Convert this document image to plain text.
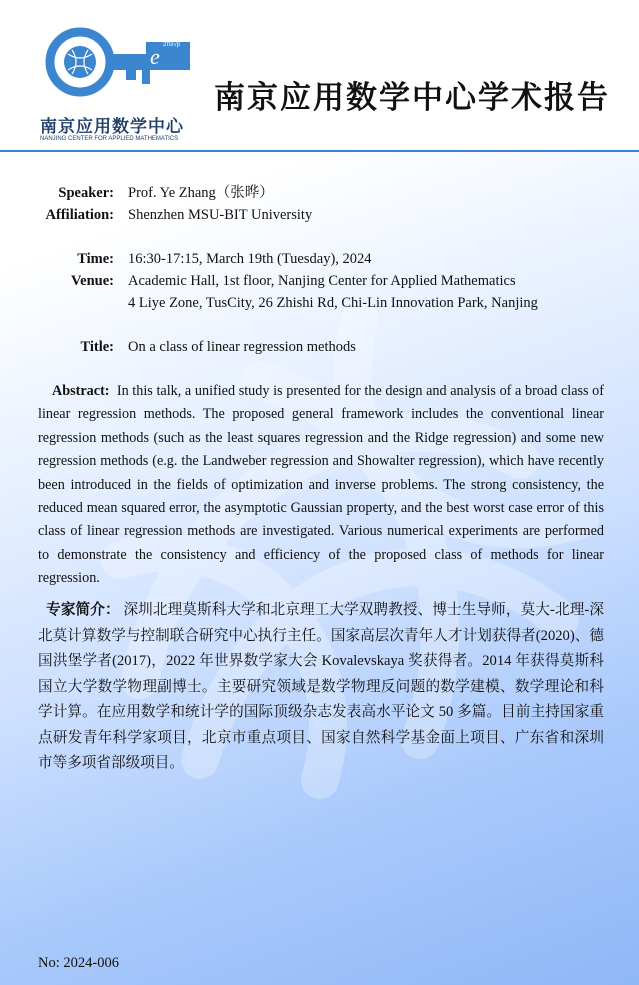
e 2πi/√p
南京应用数学中心
NANJING CENTER FOR APPLIED MATHEMATICS
南京应用数学中心学术报告
Speaker: Prof. Ye Zhang（张晔）
Affiliation: Shenzhen MSU-BIT University
Time: 16:30-17:15, March 19th (Tuesday), 2024
Venue: Academic Hall, 1st floor, Nanjing Center for Applied Mathematics
4 Liye Zone, TusCity, 26 Zhishi Rd, Chi-Lin Innovation Park, Nanjing
Title: On a class of linear regression methods
Abstract: In this talk, a unified study is presented for the design and analysis of a broad class of linear regression methods. The proposed general framework includes the conventional linear regression methods (such as the least squares regression and the Ridge regression) and some new regression methods (e.g. the Landweber regression and Showalter regression), which have recently been introduced in the fields of optimization and inverse problems. The strong consistency, the reduced mean squared error, the asymptotic Gaussian property, and the best worst case error of this class of linear regression methods are investigated. Various numerical experiments are performed to demonstrate the consistency and efficiency of the proposed class of methods for linear regression.
专家简介： 深圳北理莫斯科大学和北京理工大学双聘教授、博士生导师，莫大-北理-深北莫计算数学与控制联合研究中心执行主任。国家高层次青年人才计划获得者(2020)、德国洪堡学者(2017)，2022 年世界数学家大会 Kovalevskaya 奖获得者。2014 年获得莫斯科国立大学数学物理副博士。主要研究领域是数学物理反问题的数学建模、数学理论和科学计算。在应用数学和统计学的国际顶级杂志发表高水平论文 50 多篇。目前主持国家重点研发青年科学家项目，北京市重点项目、国家自然科学基金面上项目、广东省和深圳市等多项省部级项目。
No: 2024-006
